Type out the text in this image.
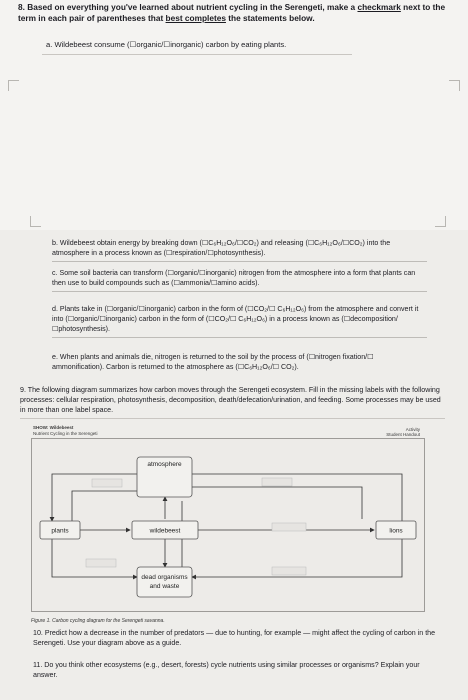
8. Based on everything you've learned about nutrient cycling in the Serengeti, make a checkmark next to the term in each pair of parentheses that best completes the statements below.
a. Wildebeest consume (☐organic/☐inorganic) carbon by eating plants.
b. Wildebeest obtain energy by breaking down (☐C₆H₁₂O₆/☐CO₂) and releasing (☐C₆H₁₂O₆/☐CO₂) into the atmosphere in a process known as (☐respiration/☐photosynthesis).
c. Some soil bacteria can transform (☐organic/☐inorganic) nitrogen from the atmosphere into a form that plants can then use to build compounds such as (☐ammonia/☐amino acids).
d. Plants take in (☐organic/☐inorganic) carbon in the form of (☐CO₂/☐ C₆H₁₂O₆) from the atmosphere and convert it into (☐organic/☐inorganic) carbon in the form of (☐CO₂/☐ C₆H₁₂O₆) in a process known as (☐decomposition/☐photosynthesis).
e. When plants and animals die, nitrogen is returned to the soil by the process of (☐nitrogen fixation/☐ ammonification). Carbon is returned to the atmosphere as (☐C₆H₁₂O₆/☐ CO₂).
9. The following diagram summarizes how carbon moves through the Serengeti ecosystem. Fill in the missing labels with the following processes: cellular respiration, photosynthesis, decomposition, death/defecation/urination, and feeding. Some processes may be used in more than one label space.
SHOW: Wildebeest
Nutrient Cycling in the Serengeti
Activity
Student Handout
atmosphere
plants	wildebeest	lions
dead organisms
and waste
Figure 1. Carbon cycling diagram for the Serengeti savanna.
10. Predict how a decrease in the number of predators — due to hunting, for example — might affect the cycling of carbon in the Serengeti. Use your diagram above as a guide.
11. Do you think other ecosystems (e.g., desert, forests) cycle nutrients using similar processes or organisms? Explain your answer.
